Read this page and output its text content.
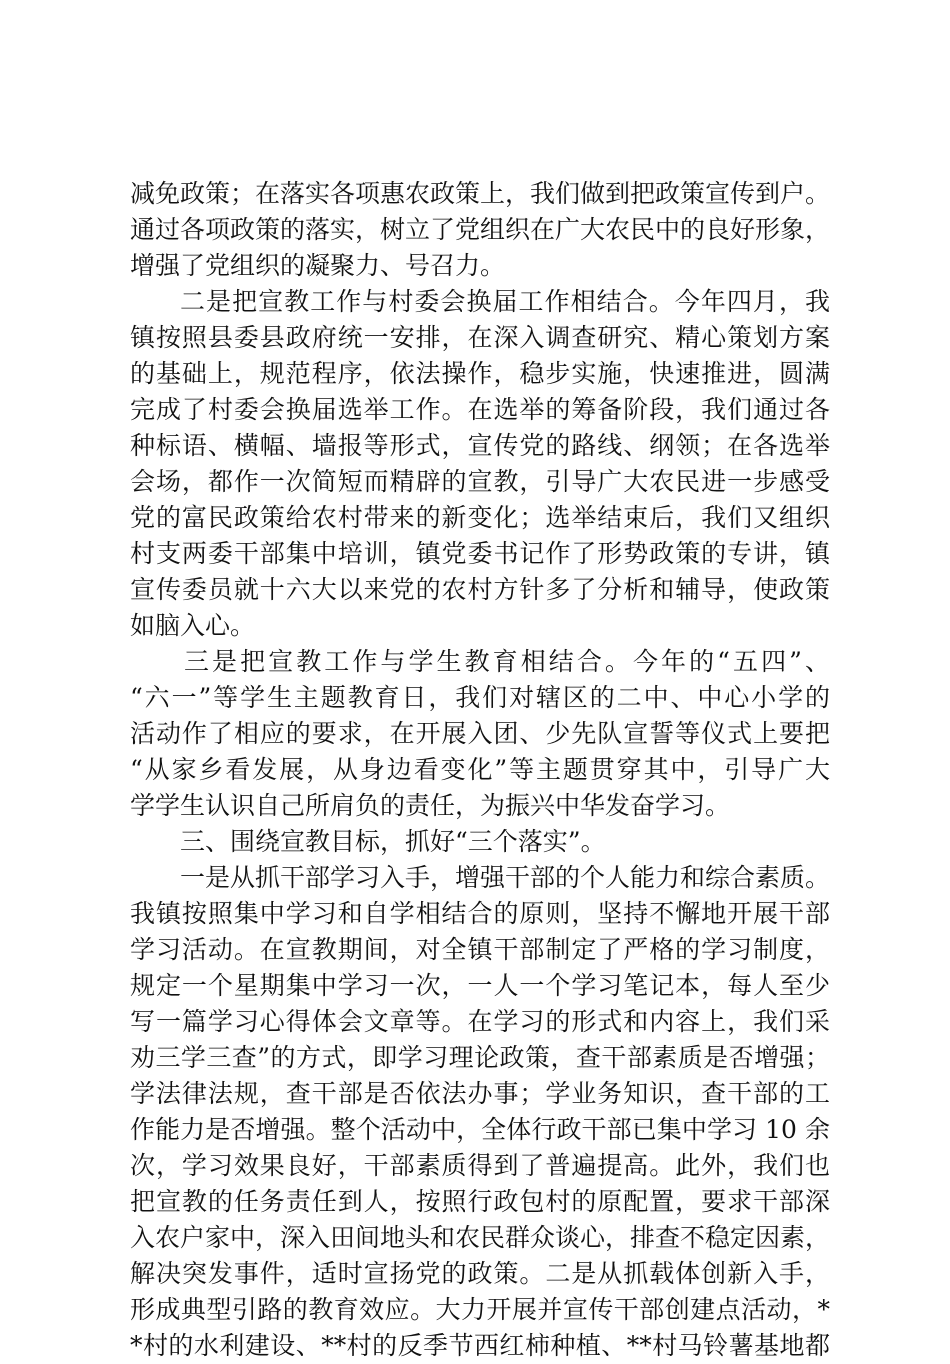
减免政策；在落实各项惠农政策上，我们做到把政策宣传到户。
通过各项政策的落实，树立了党组织在广大农民中的良好形象，
增强了党组织的凝聚力、号召力。
二是把宣教工作与村委会换届工作相结合。今年四月，我
镇按照县委县政府统一安排，在深入调查研究、精心策划方案
的基础上，规范程序，依法操作，稳步实施，快速推进，圆满
完成了村委会换届选举工作。在选举的筹备阶段，我们通过各
种标语、横幅、墙报等形式，宣传党的路线、纲领；在各选举
会场，都作一次简短而精辟的宣教，引导广大农民进一步感受
党的富民政策给农村带来的新变化；选举结束后，我们又组织
村支两委干部集中培训，镇党委书记作了形势政策的专讲，镇
宣传委员就十六大以来党的农村方针多了分析和辅导，使政策
如脑入心。
三是把宣教工作与学生教育相结合。今年的“五四”、
“六一”等学生主题教育日，我们对辖区的二中、中心小学的
活动作了相应的要求，在开展入团、少先队宣誓等仪式上要把
“从家乡看发展，从身边看变化”等主题贯穿其中，引导广大
学学生认识自己所肩负的责任，为振兴中华发奋学习。
三、围绕宣教目标，抓好“三个落实”。
一是从抓干部学习入手，增强干部的个人能力和综合素质。
我镇按照集中学习和自学相结合的原则，坚持不懈地开展干部
学习活动。在宣教期间，对全镇干部制定了严格的学习制度，
规定一个星期集中学习一次，一人一个学习笔记本，每人至少
写一篇学习心得体会文章等。在学习的形式和内容上，我们采
劝三学三查”的方式，即学习理论政策，查干部素质是否增强；
学法律法规，查干部是否依法办事；学业务知识，查干部的工
作能力是否增强。整个活动中，全体行政干部已集中学习 10 余
次，学习效果良好，干部素质得到了普遍提高。此外，我们也
把宣教的任务责任到人，按照行政包村的原配置，要求干部深
入农户家中，深入田间地头和农民群众谈心，排查不稳定因素，
解决突发事件，适时宣扬党的政策。二是从抓载体创新入手，
形成典型引路的教育效应。大力开展并宣传干部创建点活动，*
*村的水利建设、**村的反季节西红柿种植、**村马铃薯基地都
